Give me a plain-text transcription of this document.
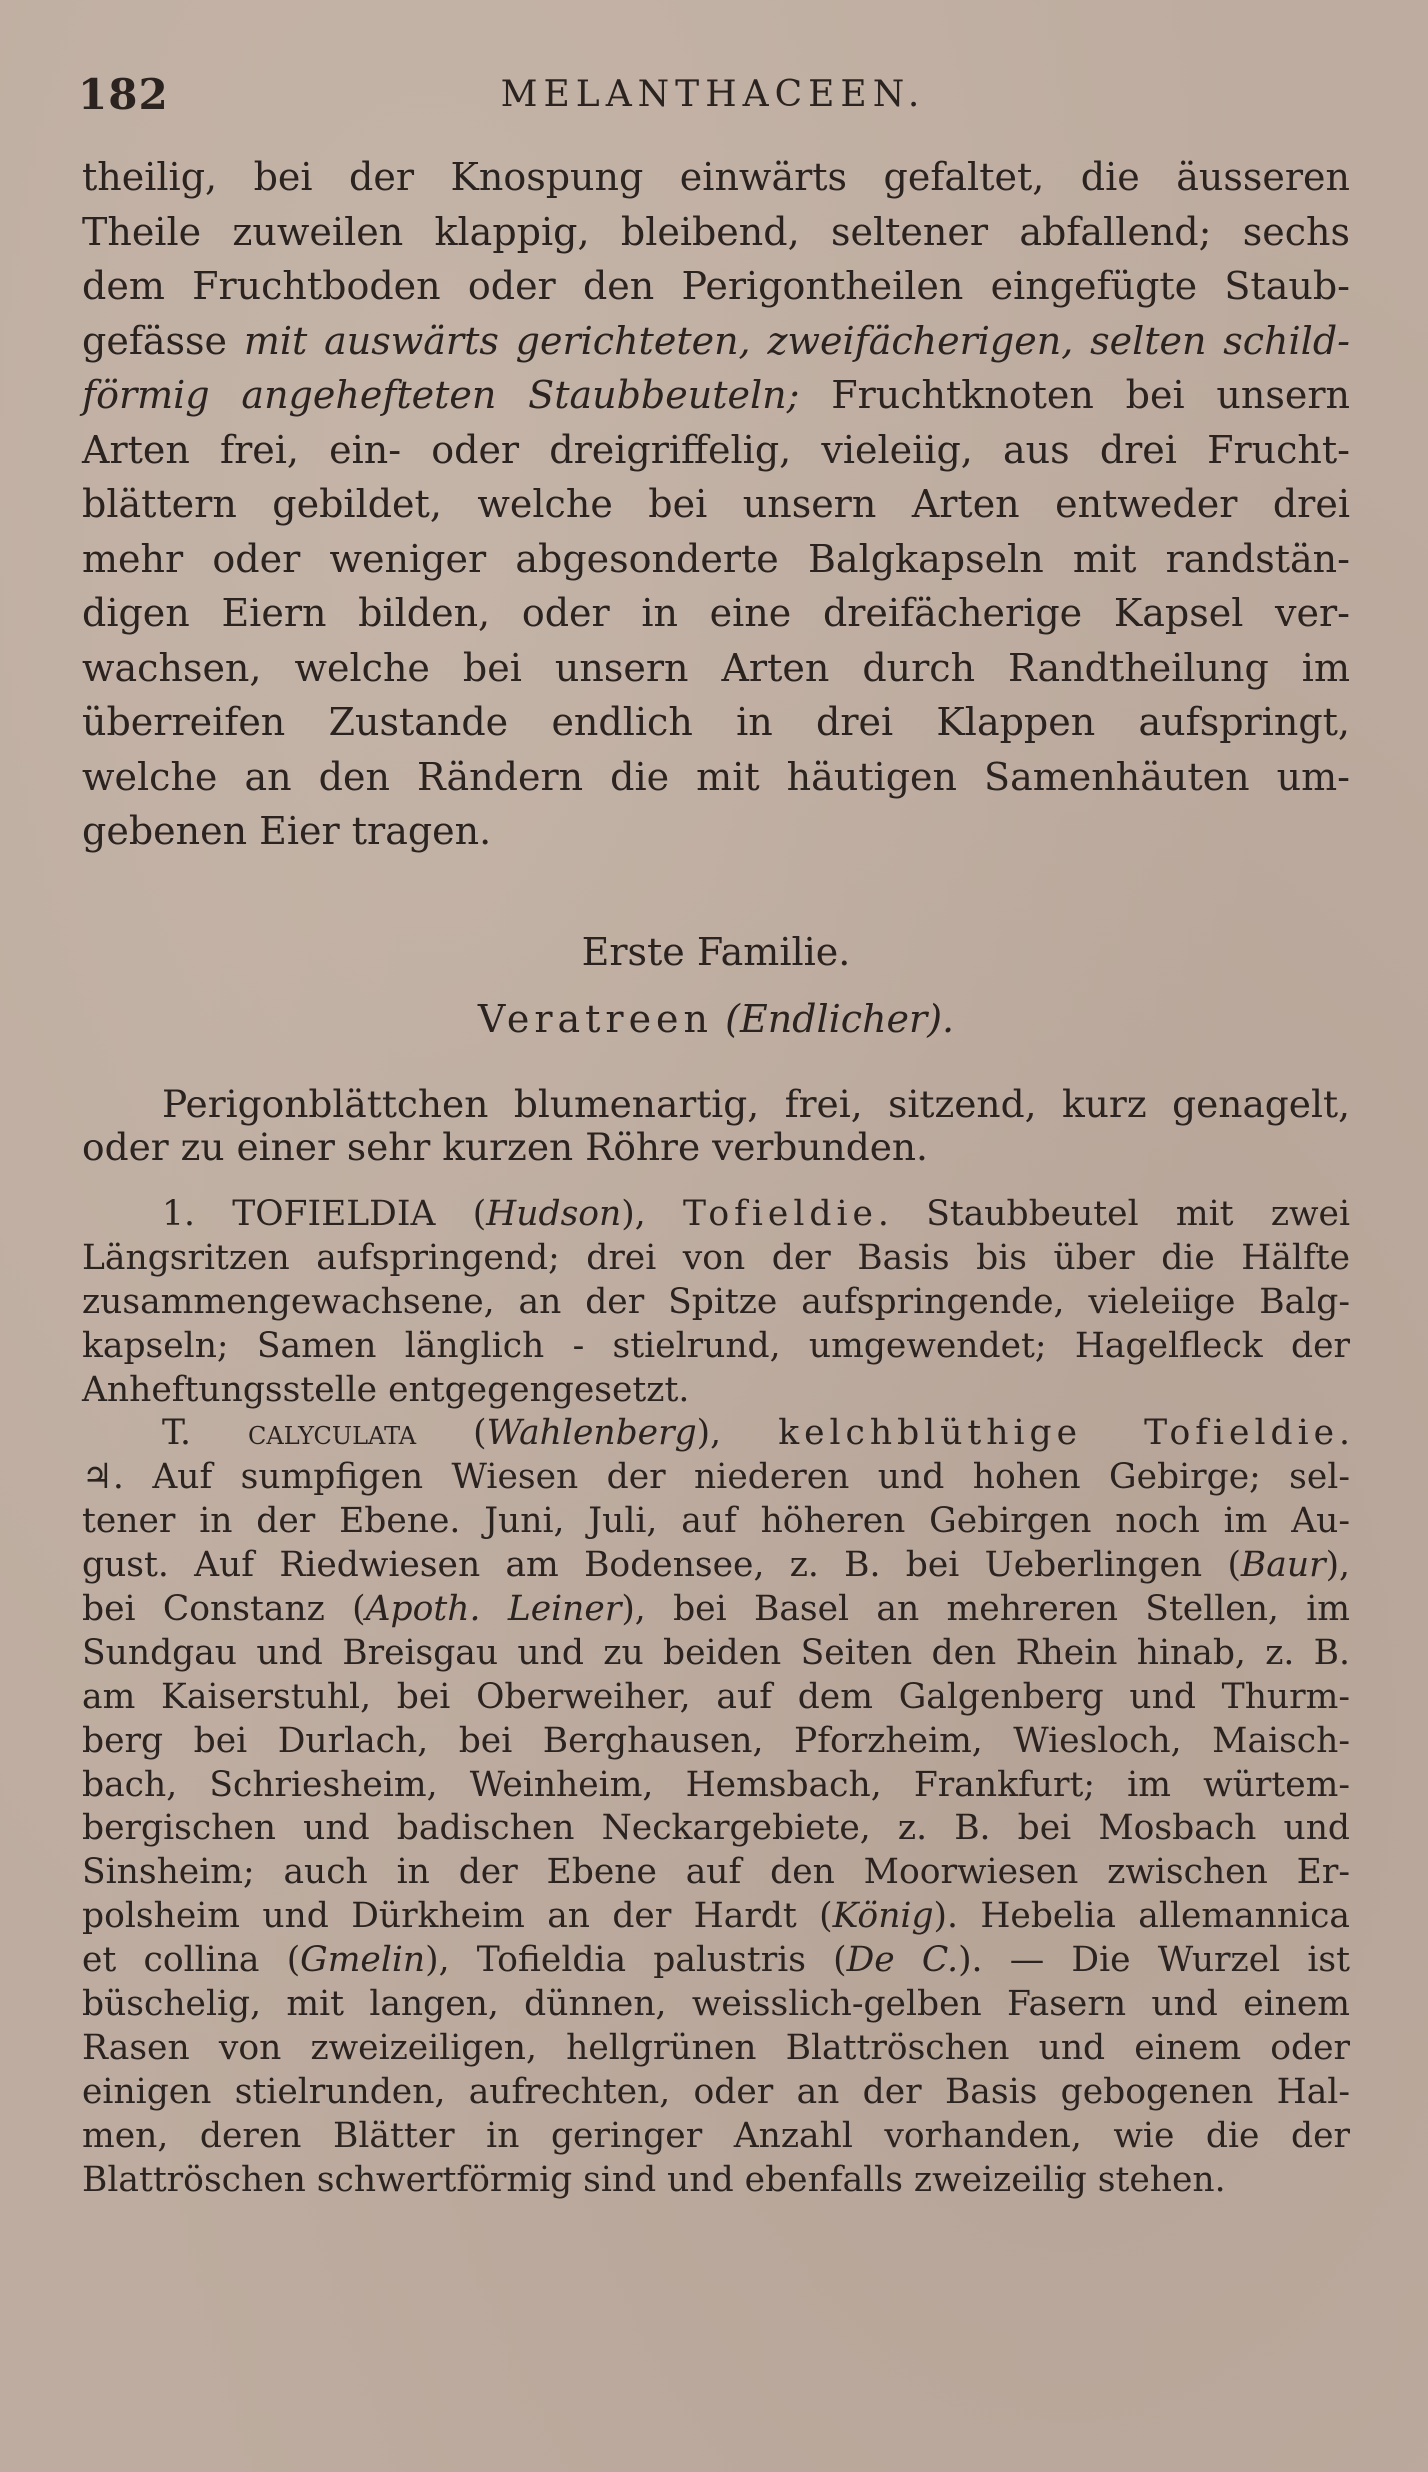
182	MELANTHACEEN.
theilig, bei der Knospung einwärts gefaltet, die äusseren
Theile zuweilen klappig, bleibend, seltener abfallend; sechs
dem Fruchtboden oder den Perigontheilen eingefügte Staub-
gefässe mit auswärts gerichteten, zweifächerigen, selten schild-
förmig angehefteten Staubbeuteln; Fruchtknoten bei unsern
Arten frei, ein- oder dreigriffelig, vieleiig, aus drei Frucht-
blättern gebildet, welche bei unsern Arten entweder drei
mehr oder weniger abgesonderte Balgkapseln mit randstän-
digen Eiern bilden, oder in eine dreifächerige Kapsel ver-
wachsen, welche bei unsern Arten durch Randtheilung im
überreifen Zustande endlich in drei Klappen aufspringt,
welche an den Rändern die mit häutigen Samenhäuten um-
gebenen Eier tragen.
Erste Familie.
Veratreen (Endlicher).
Perigonblättchen blumenartig, frei, sitzend, kurz genagelt,
oder zu einer sehr kurzen Röhre verbunden.
1. TOFIELDIA (Hudson), Tofieldie. Staubbeutel mit zwei
Längsritzen aufspringend; drei von der Basis bis über die Hälfte
zusammengewachsene, an der Spitze aufspringende, vieleiige Balg-
kapseln; Samen länglich - stielrund, umgewendet; Hagelfleck der
Anheftungsstelle entgegengesetzt.
T. calyculata (Wahlenberg), kelchblüthige Tofieldie.
♃. Auf sumpfigen Wiesen der niederen und hohen Gebirge; sel-
tener in der Ebene. Juni, Juli, auf höheren Gebirgen noch im Au-
gust. Auf Riedwiesen am Bodensee, z. B. bei Ueberlingen (Baur),
bei Constanz (Apoth. Leiner), bei Basel an mehreren Stellen, im
Sundgau und Breisgau und zu beiden Seiten den Rhein hinab, z. B.
am Kaiserstuhl, bei Oberweiher, auf dem Galgenberg und Thurm-
berg bei Durlach, bei Berghausen, Pforzheim, Wiesloch, Maisch-
bach, Schriesheim, Weinheim, Hemsbach, Frankfurt; im würtem-
bergischen und badischen Neckargebiete, z. B. bei Mosbach und
Sinsheim; auch in der Ebene auf den Moorwiesen zwischen Er-
polsheim und Dürkheim an der Hardt (König). Hebelia allemannica
et collina (Gmelin), Tofieldia palustris (De C.). — Die Wurzel ist
büschelig, mit langen, dünnen, weisslich-gelben Fasern und einem
Rasen von zweizeiligen, hellgrünen Blattröschen und einem oder
einigen stielrunden, aufrechten, oder an der Basis gebogenen Hal-
men, deren Blätter in geringer Anzahl vorhanden, wie die der
Blattröschen schwertförmig sind und ebenfalls zweizeilig stehen.
